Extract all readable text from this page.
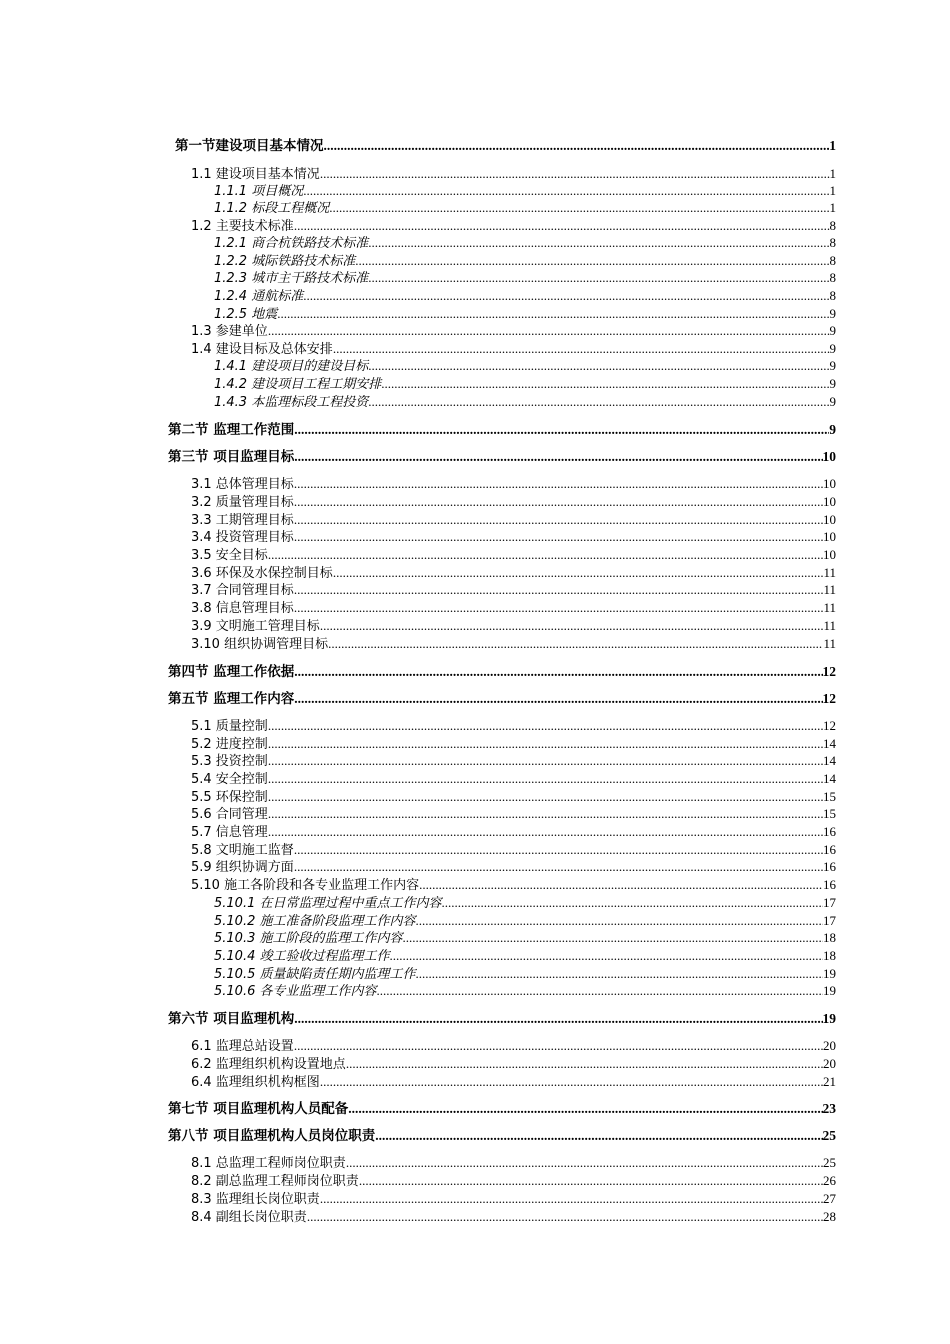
第一节建设项目基本情况 .....	1
1.1 建设项目基本情况 .....	1
1.1.1 项目概况 .....	1
1.1.2 标段工程概况 .....	1
1.2 主要技术标准 .....	8
1.2.1 商合杭铁路技术标准 .....	8
1.2.2 城际铁路技术标准 .....	8
1.2.3 城市主干路技术标准 .....	8
1.2.4 通航标准 .....	8
1.2.5 地震 .....	9
1.3 参建单位 .....	9
1.4 建设目标及总体安排 .....	9
1.4.1 建设项目的建设目标 .....	9
1.4.2 建设项目工程工期安排 .....	9
1.4.3 本监理标段工程投资 .....	9
第二节 监理工作范围 .....	9
第三节 项目监理目标 .....	10
3.1 总体管理目标 .....	10
3.2 质量管理目标 .....	10
3.3 工期管理目标 .....	10
3.4 投资管理目标 .....	10
3.5 安全目标 .....	10
3.6 环保及水保控制目标 .....	11
3.7 合同管理目标 .....	11
3.8 信息管理目标 .....	11
3.9 文明施工管理目标 .....	11
3.10 组织协调管理目标 .....	11
第四节 监理工作依据 .....	12
第五节 监理工作内容 .....	12
5.1 质量控制 .....	12
5.2 进度控制 .....	14
5.3 投资控制 .....	14
5.4 安全控制 .....	14
5.5 环保控制 .....	15
5.6 合同管理 .....	15
5.7 信息管理 .....	16
5.8 文明施工监督 .....	16
5.9 组织协调方面 .....	16
5.10 施工各阶段和各专业监理工作内容 .....	16
5.10.1 在日常监理过程中重点工作内容 .....	17
5.10.2 施工准备阶段监理工作内容 .....	17
5.10.3 施工阶段的监理工作内容 .....	18
5.10.4 竣工验收过程监理工作 .....	18
5.10.5 质量缺陷责任期内监理工作 .....	19
5.10.6 各专业监理工作内容 .....	19
第六节 项目监理机构 .....	19
6.1 监理总站设置 .....	20
6.2 监理组织机构设置地点 .....	20
6.4 监理组织机构框图 .....	21
第七节 项目监理机构人员配备 .....	23
第八节 项目监理机构人员岗位职责 .....	25
8.1 总监理工程师岗位职责 .....	25
8.2 副总监理工程师岗位职责 .....	26
8.3 监理组长岗位职责 .....	27
8.4 副组长岗位职责 .....	28
